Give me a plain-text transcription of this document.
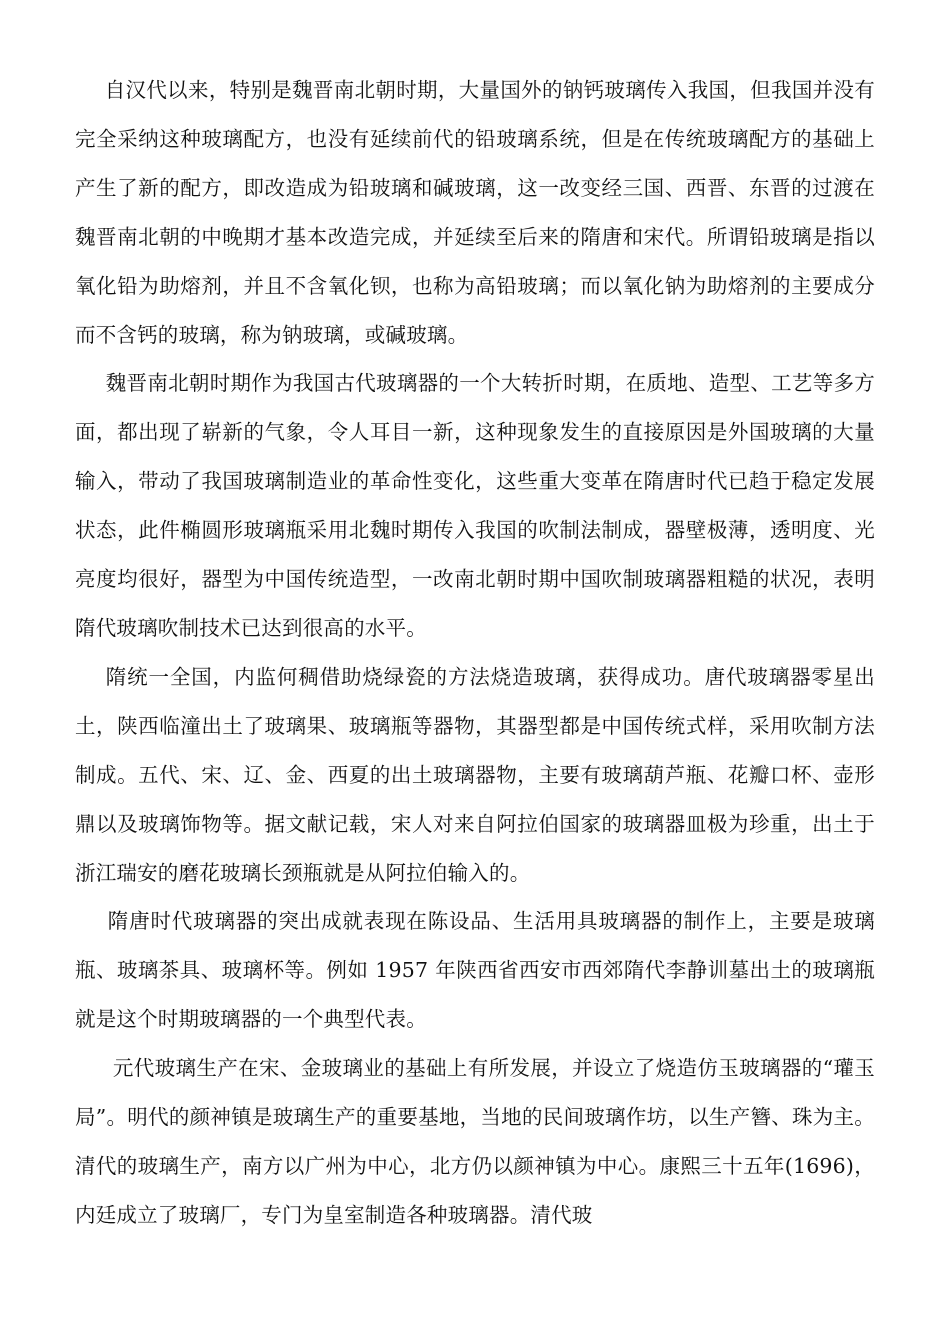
自汉代以来，特别是魏晋南北朝时期，大量国外的钠钙玻璃传入我国，但我国并没有完全采纳这种玻璃配方，也没有延续前代的铅玻璃系统，但是在传统玻璃配方的基础上产生了新的配方，即改造成为铅玻璃和碱玻璃，这一改变经三国、西晋、东晋的过渡在魏晋南北朝的中晚期才基本改造完成，并延续至后来的隋唐和宋代。所谓铅玻璃是指以氧化铅为助熔剂，并且不含氧化钡，也称为高铅玻璃；而以氧化钠为助熔剂的主要成分而不含钙的玻璃，称为钠玻璃，或碱玻璃。

魏晋南北朝时期作为我国古代玻璃器的一个大转折时期，在质地、造型、工艺等多方面，都出现了崭新的气象，令人耳目一新，这种现象发生的直接原因是外国玻璃的大量输入，带动了我国玻璃制造业的革命性变化，这些重大变革在隋唐时代已趋于稳定发展状态，此件椭圆形玻璃瓶采用北魏时期传入我国的吹制法制成，器壁极薄，透明度、光亮度均很好，器型为中国传统造型，一改南北朝时期中国吹制玻璃器粗糙的状况，表明隋代玻璃吹制技术已达到很高的水平。

隋统一全国，内监何稠借助烧绿瓷的方法烧造玻璃，获得成功。唐代玻璃器零星出土，陕西临潼出土了玻璃果、玻璃瓶等器物，其器型都是中国传统式样，采用吹制方法制成。五代、宋、辽、金、西夏的出土玻璃器物，主要有玻璃葫芦瓶、花瓣口杯、壶形鼎以及玻璃饰物等。据文献记载，宋人对来自阿拉伯国家的玻璃器皿极为珍重，出土于浙江瑞安的磨花玻璃长颈瓶就是从阿拉伯输入的。

隋唐时代玻璃器的突出成就表现在陈设品、生活用具玻璃器的制作上，主要是玻璃瓶、玻璃茶具、玻璃杯等。例如 1957 年陕西省西安市西郊隋代李静训墓出土的玻璃瓶就是这个时期玻璃器的一个典型代表。

元代玻璃生产在宋、金玻璃业的基础上有所发展，并设立了烧造仿玉玻璃器的“瓘玉局”。明代的颜神镇是玻璃生产的重要基地，当地的民间玻璃作坊，以生产簪、珠为主。清代的玻璃生产，南方以广州为中心，北方仍以颜神镇为中心。康熙三十五年(1696)，内廷成立了玻璃厂，专门为皇室制造各种玻璃器。清代玻
